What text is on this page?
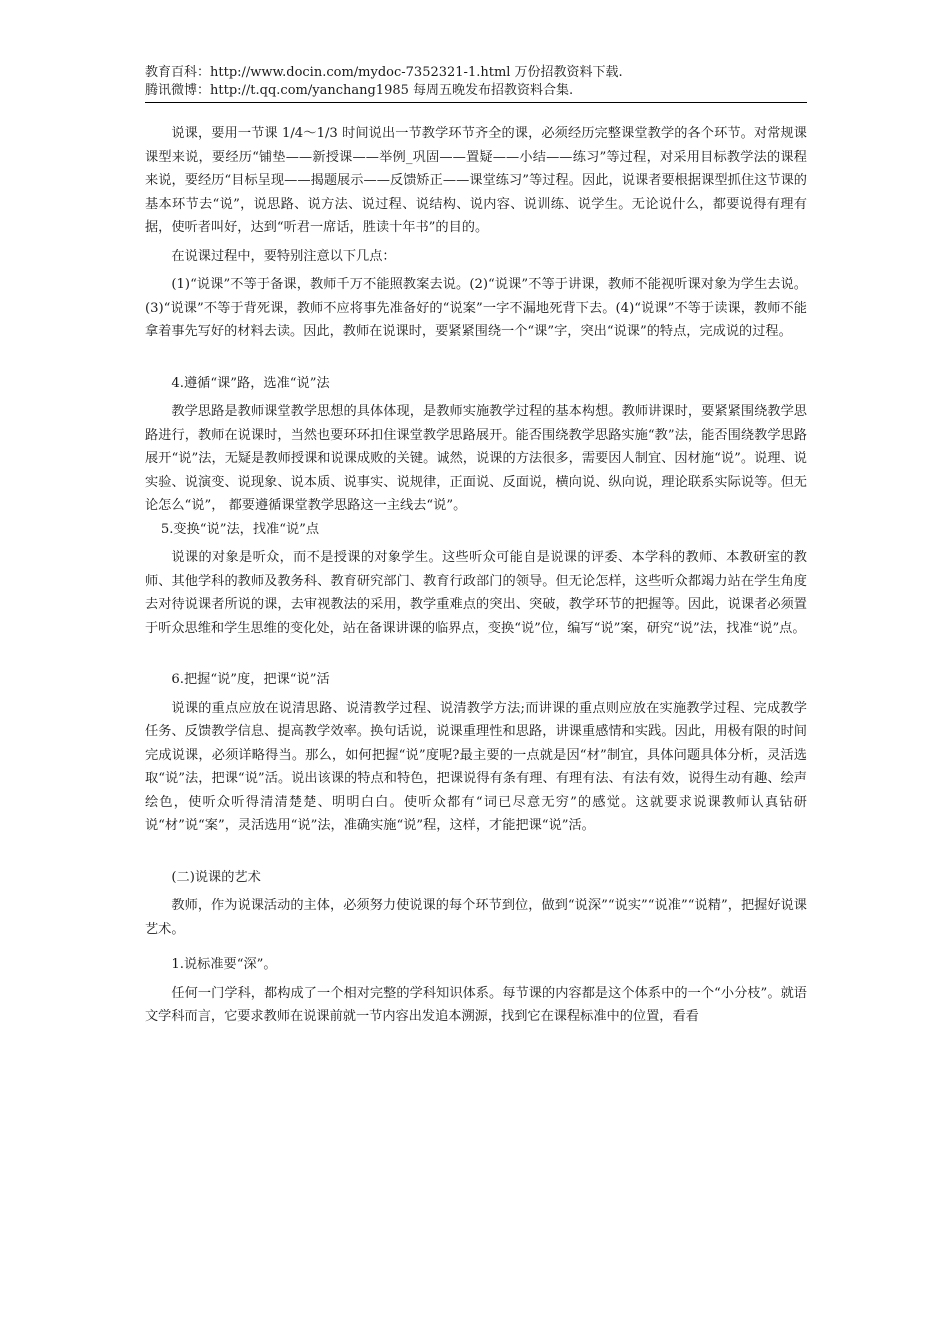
教育百科：http://www.docin.com/mydoc-7352321-1.html 万份招教资料下载.
腾讯微博：http://t.qq.com/yanchang1985 每周五晚发布招教资料合集.

说课，要用一节课 1/4～1/3 时间说出一节教学环节齐全的课，必须经历完整课堂教学的各个环节。对常规课课型来说，要经历“铺垫——新授课——举例_巩固——置疑——小结——练习”等过程，对采用目标教学法的课程来说，要经历“目标呈现——揭题展示——反馈矫正——课堂练习”等过程。因此，说课者要根据课型抓住这节课的基本环节去“说”，说思路、说方法、说过程、说结构、说内容、说训练、说学生。无论说什么，都要说得有理有据，使听者叫好，达到“听君一席话，胜读十年书”的目的。

在说课过程中，要特别注意以下几点：

(1)“说课”不等于备课，教师千万不能照教案去说。(2)“说课”不等于讲课，教师不能视听课对象为学生去说。(3)“说课”不等于背死课，教师不应将事先准备好的“说案”一字不漏地死背下去。(4)“说课”不等于读课，教师不能拿着事先写好的材料去读。因此，教师在说课时，要紧紧围绕一个“课”字，突出“说课”的特点，完成说的过程。

4.遵循“课”路，选准“说”法

教学思路是教师课堂教学思想的具体体现，是教师实施教学过程的基本构想。教师讲课时，要紧紧围绕教学思路进行，教师在说课时，当然也要环环扣住课堂教学思路展开。能否围绕教学思路实施“教”法，能否围绕教学思路展开“说”法，无疑是教师授课和说课成败的关键。诚然，说课的方法很多，需要因人制宜、因材施“说”。说理、说实验、说演变、说现象、说本质、说事实、说规律，正面说、反面说，横向说、纵向说，理论联系实际说等。但无论怎么“说”， 都要遵循课堂教学思路这一主线去“说”。

5.变换“说”法，找准“说”点

说课的对象是听众，而不是授课的对象学生。这些听众可能自是说课的评委、本学科的教师、本教研室的教师、其他学科的教师及教务科、教育研究部门、教育行政部门的领导。但无论怎样，这些听众都竭力站在学生角度去对待说课者所说的课，去审视教法的采用，教学重难点的突出、突破，教学环节的把握等。因此，说课者必须置于听众思维和学生思维的变化处，站在备课讲课的临界点，变换“说”位，编写“说”案，研究“说”法，找准“说”点。

6.把握“说”度，把课“说”活

说课的重点应放在说清思路、说清教学过程、说清教学方法;而讲课的重点则应放在实施教学过程、完成教学任务、反馈教学信息、提高教学效率。换句话说，说课重理性和思路，讲课重感情和实践。因此，用极有限的时间完成说课，必须详略得当。那么，如何把握“说”度呢?最主要的一点就是因“材”制宜，具体问题具体分析，灵活选取“说”法，把课“说”活。说出该课的特点和特色，把课说得有条有理、有理有法、有法有效，说得生动有趣、绘声绘色，使听众听得清清楚楚、明明白白。使听众都有“词已尽意无穷”的感觉。这就要求说课教师认真钻研说“材”说“案”，灵活选用“说”法，准确实施“说”程，这样，才能把课“说”活。

(二)说课的艺术

教师，作为说课活动的主体，必须努力使说课的每个环节到位，做到“说深”“说实”“说准”“说精”，把握好说课艺术。

1.说标准要“深”。

任何一门学科，都构成了一个相对完整的学科知识体系。每节课的内容都是这个体系中的一个“小分枝”。就语文学科而言，它要求教师在说课前就一节内容出发追本溯源，找到它在课程标准中的位置，看看
